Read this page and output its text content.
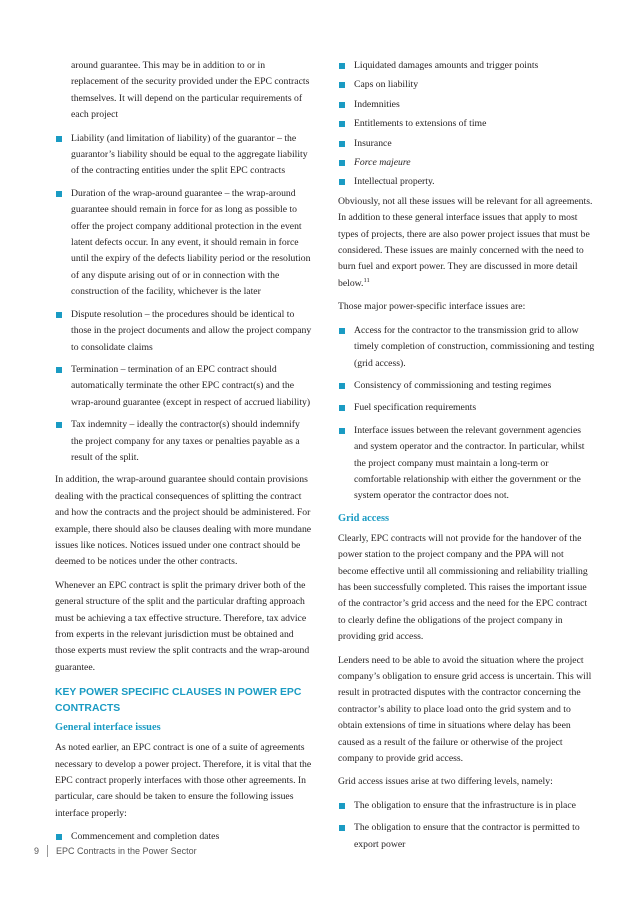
around guarantee. This may be in addition to or in replacement of the security provided under the EPC contracts themselves. It will depend on the particular requirements of each project
Liability (and limitation of liability) of the guarantor – the guarantor’s liability should be equal to the aggregate liability of the contracting entities under the split EPC contracts
Duration of the wrap-around guarantee – the wrap-around guarantee should remain in force for as long as possible to offer the project company additional protection in the event latent defects occur. In any event, it should remain in force until the expiry of the defects liability period or the resolution of any dispute arising out of or in connection with the construction of the facility, whichever is the later
Dispute resolution – the procedures should be identical to those in the project documents and allow the project company to consolidate claims
Termination – termination of an EPC contract should automatically terminate the other EPC contract(s) and the wrap-around guarantee (except in respect of accrued liability)
Tax indemnity – ideally the contractor(s) should indemnify the project company for any taxes or penalties payable as a result of the split.

In addition, the wrap-around guarantee should contain provisions dealing with the practical consequences of splitting the contract and how the contracts and the project should be administered. For example, there should also be clauses dealing with more mundane issues like notices. Notices issued under one contract should be deemed to be notices under the other contracts.

Whenever an EPC contract is split the primary driver both of the general structure of the split and the particular drafting approach must be achieving a tax effective structure. Therefore, tax advice from experts in the relevant jurisdiction must be obtained and those experts must review the split contracts and the wrap-around guarantee.

KEY POWER SPECIFIC CLAUSES IN POWER EPC CONTRACTS
General interface issues

As noted earlier, an EPC contract is one of a suite of agreements necessary to develop a power project. Therefore, it is vital that the EPC contract properly interfaces with those other agreements. In particular, care should be taken to ensure the following issues interface properly:

Commencement and completion dates
Liquidated damages amounts and trigger points
Caps on liability
Indemnities
Entitlements to extensions of time
Insurance
Force majeure
Intellectual property.

Obviously, not all these issues will be relevant for all agreements. In addition to these general interface issues that apply to most types of projects, there are also power project issues that must be considered. These issues are mainly concerned with the need to burn fuel and export power. They are discussed in more detail below.$^{11}$

Those major power-specific interface issues are:

Access for the contractor to the transmission grid to allow timely completion of construction, commissioning and testing (grid access).
Consistency of commissioning and testing regimes
Fuel specification requirements
Interface issues between the relevant government agencies and system operator and the contractor. In particular, whilst the project company must maintain a long-term or comfortable relationship with either the government or the system operator the contractor does not.
Grid access

Clearly, EPC contracts will not provide for the handover of the power station to the project company and the PPA will not become effective until all commissioning and reliability trialling has been successfully completed. This raises the important issue of the contractor’s grid access and the need for the EPC contract to clearly define the obligations of the project company in providing grid access.

Lenders need to be able to avoid the situation where the project company’s obligation to ensure grid access is uncertain. This will result in protracted disputes with the contractor concerning the contractor’s ability to place load onto the grid system and to obtain extensions of time in situations where delay has been caused as a result of the failure or otherwise of the project company to provide grid access.

Grid access issues arise at two differing levels, namely:

The obligation to ensure that the infrastructure is in place
The obligation to ensure that the contractor is permitted to export power
9 EPC Contracts in the Power Sector
